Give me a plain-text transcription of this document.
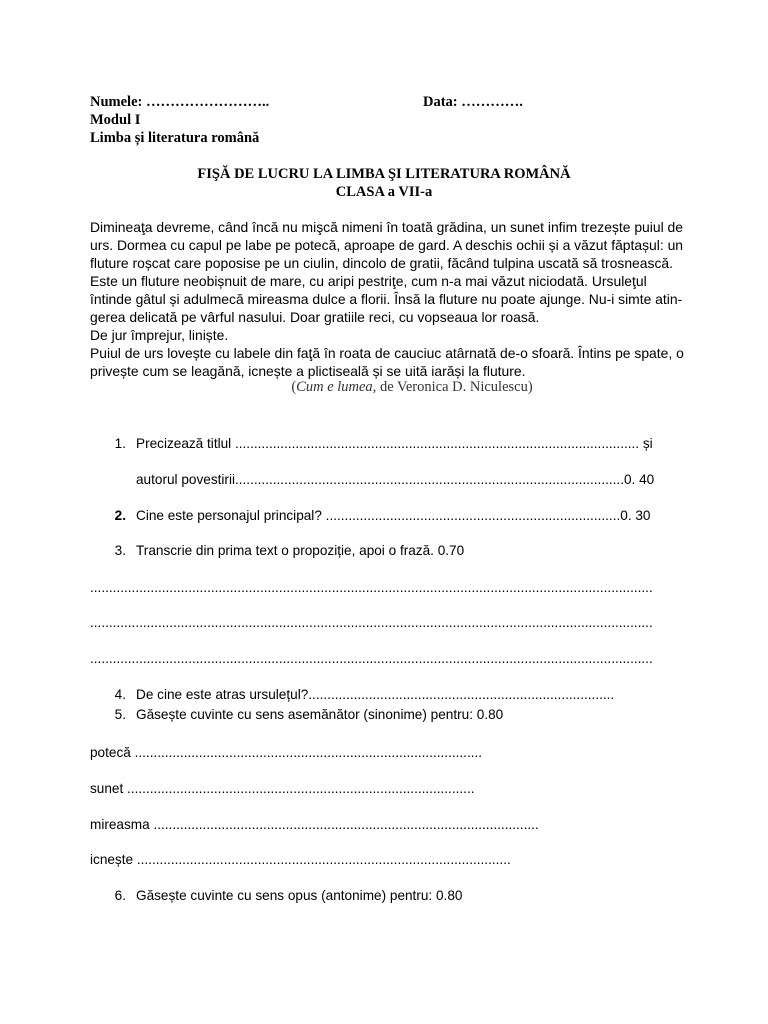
Numele: ……………………..	Data: ………….
Modul I
Limba și literatura română
FIŞĂ DE LUCRU LA LIMBA ŞI LITERATURA ROMÂNĂ
CLASA a VII-a
Dimineaţa devreme, când încă nu mişcă nimeni în toată grădina, un sunet infim trezește puiul de
urs. Dormea cu capul pe labe pe potecă, aproape de gard. A deschis ochii și a văzut făptașul: un
fluture roșcat care poposise pe un ciulin, dincolo de gratii, făcând tulpina uscată să trosnească.
Este un fluture neobișnuit de mare, cu aripi pestriţe, cum n-a mai văzut niciodată. Ursuleţul
întinde gâtul și adulmecă mireasma dulce a florii. Însă la fluture nu poate ajunge. Nu-i simte atin-
gerea delicată pe vârful nasului. Doar gratiile reci, cu vopseaua lor roasă.
De jur împrejur, liniște.
Puiul de urs lovește cu labele din faţă în roata de cauciuc atârnată de-o sfoară. Întins pe spate, o
privește cum se leagănă, icnește a plictiseală și se uită iarăși la fluture.
(Cum e lumea, de Veronica D. Niculescu)
1. Precizează titlul ........................................................................................................... și
autorul povestirii.......................................................................................................0. 40
2. Cine este personajul principal? ..............................................................................0. 30
3. Transcrie din prima text o propoziție, apoi o frază. 0.70
.....................................................................................................................................................
.....................................................................................................................................................
.....................................................................................................................................................
4. De cine este atras ursulețul?.................................................................................
5. Găsește cuvinte cu sens asemănător (sinonime) pentru: 0.80
potecă ............................................................................................
sunet ............................................................................................
mireasma ......................................................................................................
icnește ...................................................................................................
6. Găsește cuvinte cu sens opus (antonime) pentru: 0.80
